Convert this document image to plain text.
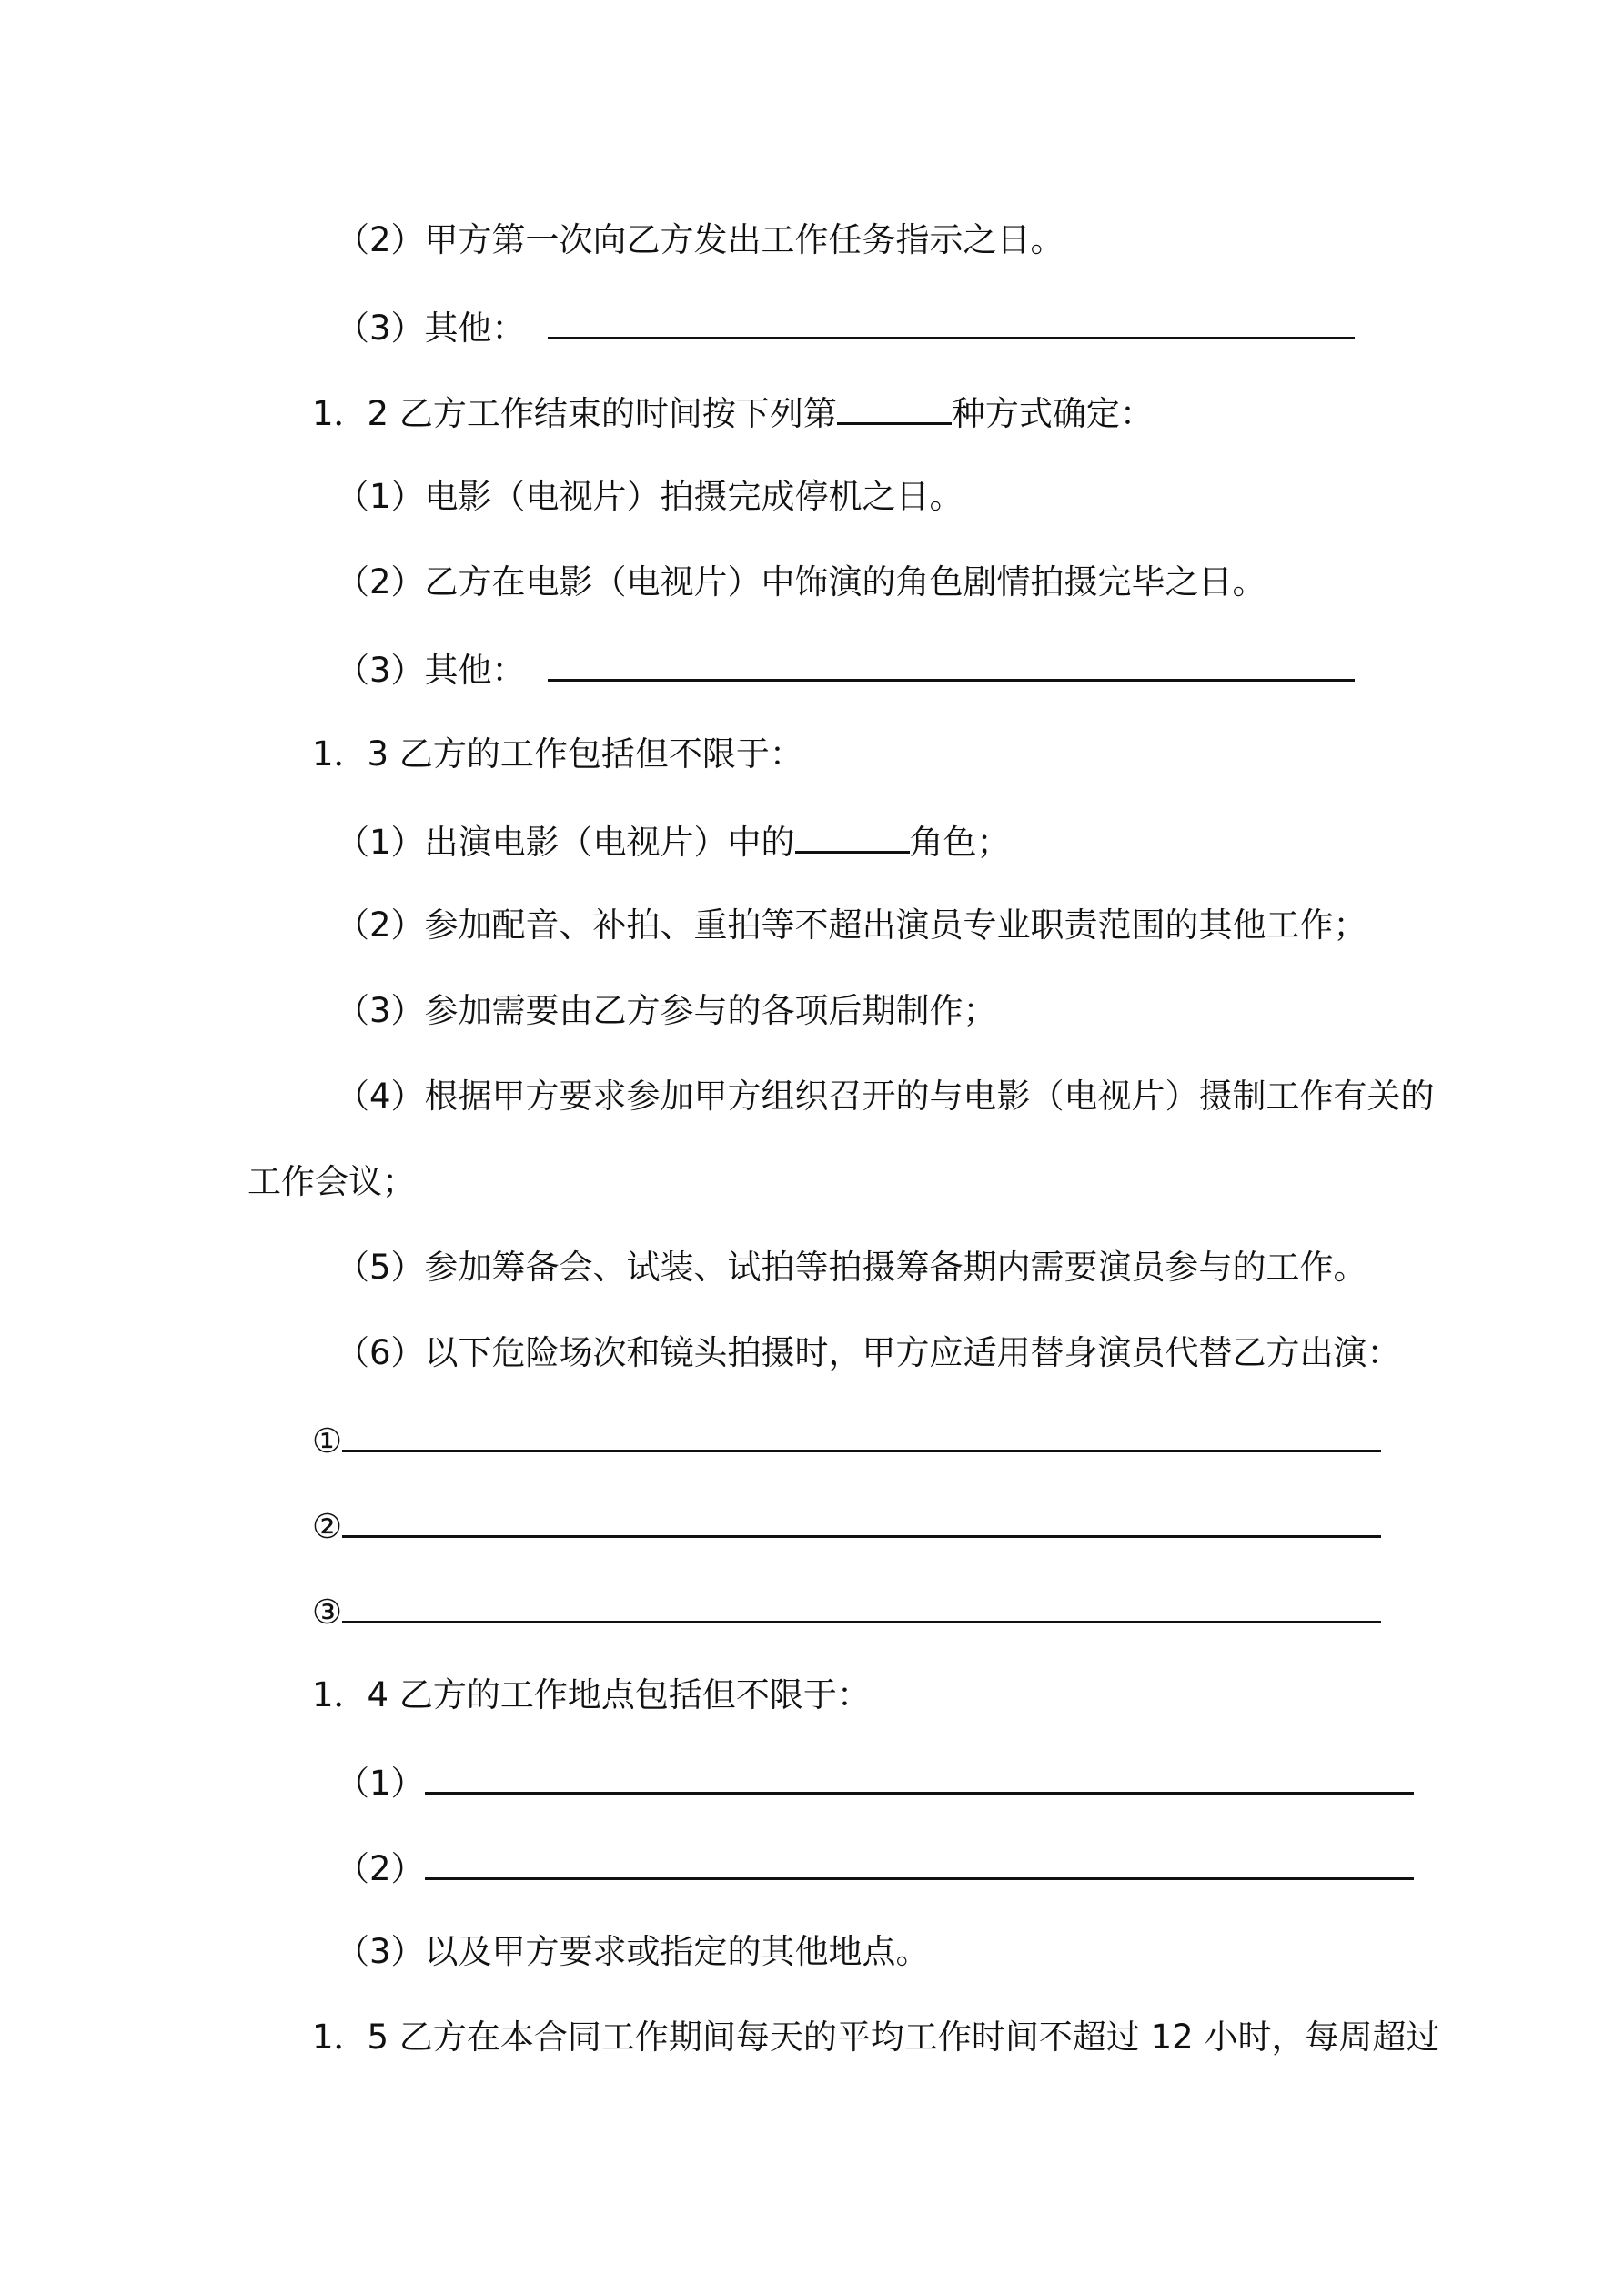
（2）甲方第一次向乙方发出工作任务指示之日。
（3）其他：
1．2 乙方工作结束的时间按下列第	种方式确定：
（1）电影（电视片）拍摄完成停机之日。
（2）乙方在电影（电视片）中饰演的角色剧情拍摄完毕之日。
（3）其他：
1．3 乙方的工作包括但不限于：
（1）出演电影（电视片）中的	角色；
（2）参加配音、补拍、重拍等不超出演员专业职责范围的其他工作；
（3）参加需要由乙方参与的各项后期制作；
（4）根据甲方要求参加甲方组织召开的与电影（电视片）摄制工作有关的
工作会议；
（5）参加筹备会、试装、试拍等拍摄筹备期内需要演员参与的工作。
（6）以下危险场次和镜头拍摄时，甲方应适用替身演员代替乙方出演：
①
②
③
1．4 乙方的工作地点包括但不限于：
（1）
（2）
（3）以及甲方要求或指定的其他地点。
1．5 乙方在本合同工作期间每天的平均工作时间不超过 12 小时，每周超过
